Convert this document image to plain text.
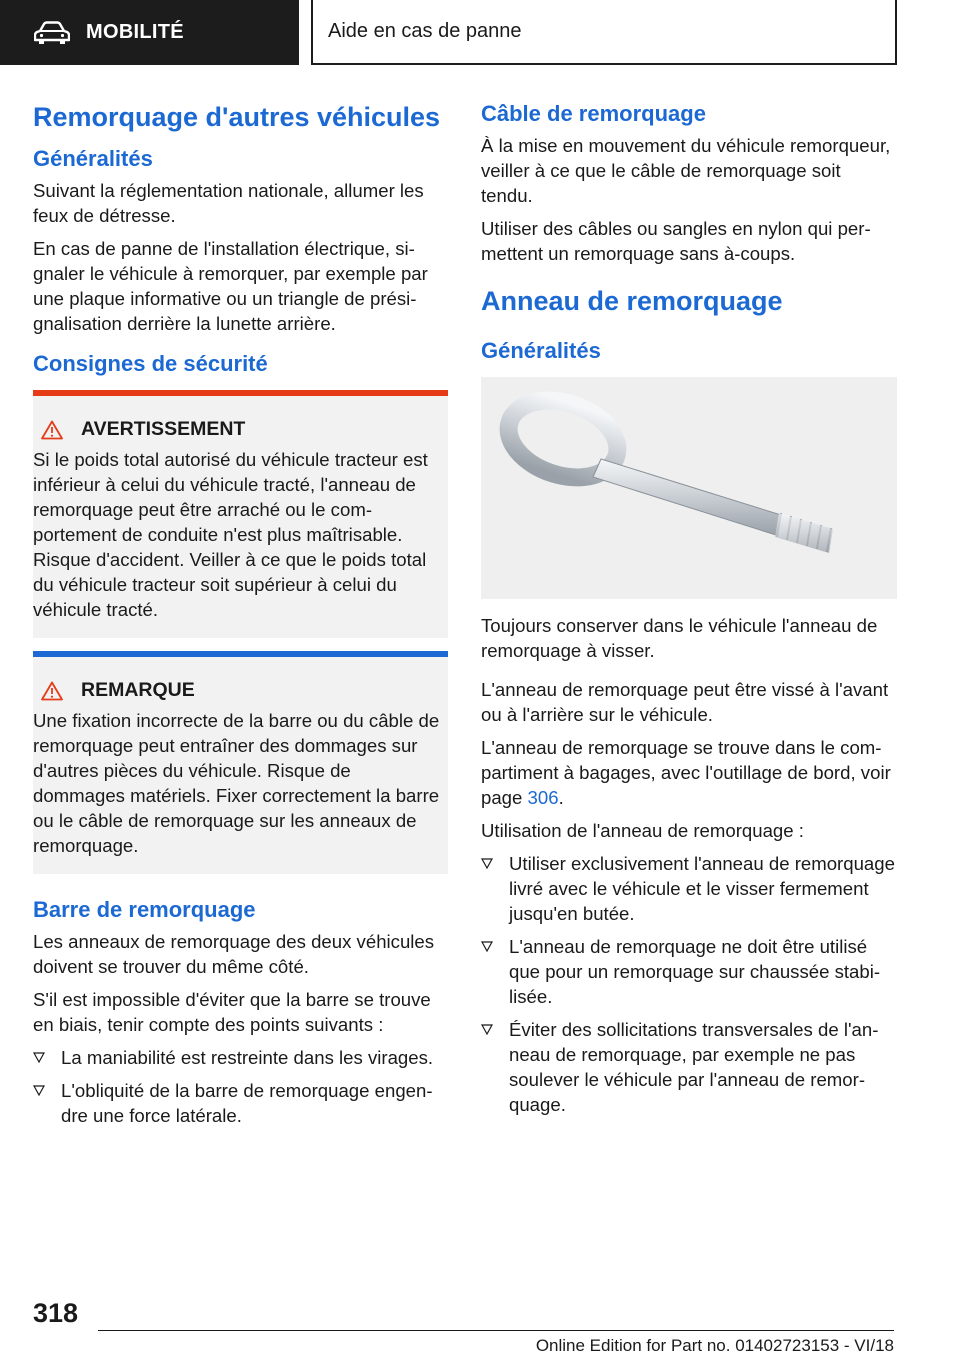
MOBILITÉ	Aide en cas de panne
Remorquage d'autres véhicules
Généralités

Suivant la réglementation nationale, allumer les feux de détresse.

En cas de panne de l'installation électrique, signaler le véhicule à remorquer, par exemple par une plaque informative ou un triangle de présignalisation derrière la lunette arrière.

Consignes de sécurité
AVERTISSEMENT

Si le poids total autorisé du véhicule tracteur est inférieur à celui du véhicule tracté, l'anneau de remorquage peut être arraché ou le comportement de conduite n'est plus maîtrisable. Risque d'accident. Veiller à ce que le poids total du véhicule tracteur soit supérieur à celui du véhicule tracté.

REMARQUE

Une fixation incorrecte de la barre ou du câble de remorquage peut entraîner des dommages sur d'autres pièces du véhicule. Risque de dommages matériels. Fixer correctement la barre ou le câble de remorquage sur les anneaux de remorquage.

Barre de remorquage

Les anneaux de remorquage des deux véhicules doivent se trouver du même côté.

S'il est impossible d'éviter que la barre se trouve en biais, tenir compte des points suivants :

La maniabilité est restreinte dans les virages.
L'obliquité de la barre de remorquage engendre une force latérale.
Câble de remorquage

À la mise en mouvement du véhicule remorqueur, veiller à ce que le câble de remorquage soit tendu.

Utiliser des câbles ou sangles en nylon qui permettent un remorquage sans à-coups.

Anneau de remorquage
Généralités

Toujours conserver dans le véhicule l'anneau de remorquage à visser.

L'anneau de remorquage peut être vissé à l'avant ou à l'arrière sur le véhicule.

L'anneau de remorquage se trouve dans le compartiment à bagages, avec l'outillage de bord, voir page 306.

Utilisation de l'anneau de remorquage :

Utiliser exclusivement l'anneau de remorquage livré avec le véhicule et le visser fermement jusqu'en butée.
L'anneau de remorquage ne doit être utilisé que pour un remorquage sur chaussée stabilisée.
Éviter des sollicitations transversales de l'anneau de remorquage, par exemple ne pas soulever le véhicule par l'anneau de remorquage.
318
Online Edition for Part no. 01402723153 - VI/18
